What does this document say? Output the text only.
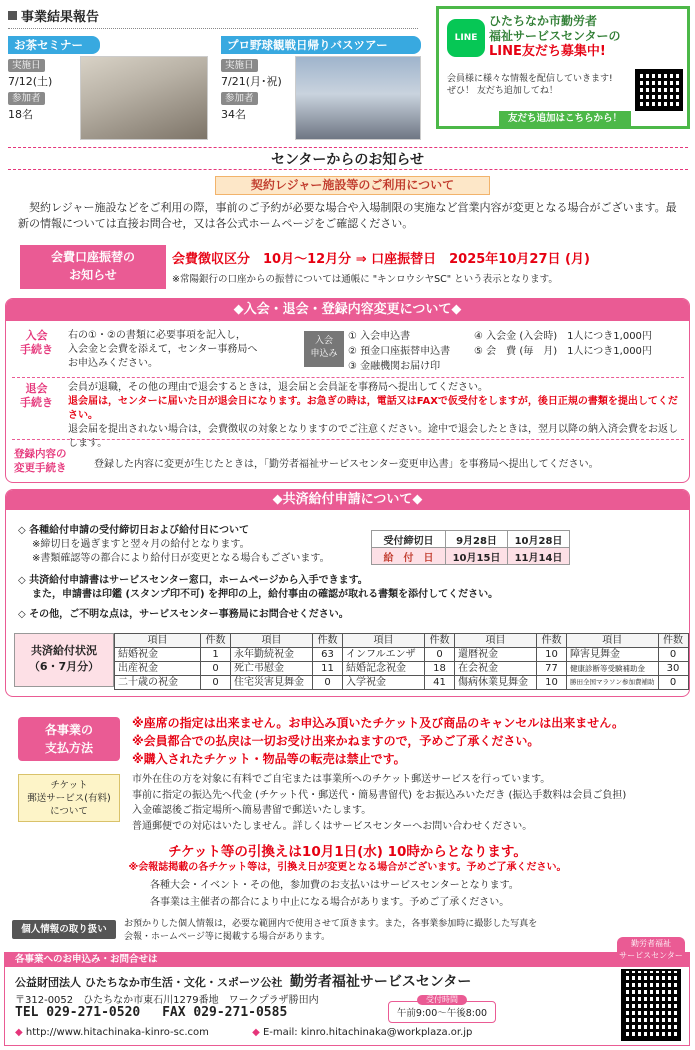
事業結果報告
お茶セミナー
実施日
7/12(土)
参加者
18名
プロ野球観戦日帰りバスツアー
実施日
7/21(月･祝)
参加者
34名
LINE
ひたちなか市勤労者
福祉サービスセンターの
LINE友だち募集中!
会員様に様々な情報を配信していきます!
ぜひ！ 友だち追加してね！
友だち追加はこちらから！
センターからのお知らせ
契約レジャー施設等のご利用について
契約レジャー施設などをご利用の際，事前のご予約が必要な場合や入場制限の実施など営業内容が変更となる場合がございます。最新の情報については直接お問合せ，又は各公式ホームページをご確認ください。
会費口座振替の
お知らせ
会費徴収区分　10月～12月分 ⇒ 口座振替日　2025年10月27日 (月)
※常陽銀行の口座からの振替については通帳に "キンロウシヤSC" という表示となります。
◆入会・退会・登録内容変更について◆
入会
手続き
右の①・②の書類に必要事項を記入し，
入会金と会費を添えて，センター事務局へ
お申込みください。
入会
申込み
① 入会申込書
② 預金口座振替申込書
③ 金融機関お届け印
④ 入会金 (入会時)　1人につき1,000円
⑤ 会　費 (毎　月)　1人につき1,000円
退会
手続き
会員が退職，その他の理由で退会するときは，退会届と会員証を事務局へ提出してください。
退会届は，センターに届いた日が退会日になります。お急ぎの時は，電話又はFAXで仮受付をしますが，後日正規の書類を提出してください。
退会届を提出されない場合は，会費徴収の対象となりますのでご注意ください。途中で退会したときは，翌月以降の納入済会費をお返しします。
登録内容の
変更手続き	登録した内容に変更が生じたときは，「勤労者福祉サービスセンター変更申込書」を事務局へ提出してください。
◆共済給付申請について◆
◇ 各種給付申請の受付締切日および給付日について
※締切日を過ぎますと翌々月の給付となります。
※書類確認等の都合により給付日が変更となる場合もございます。
受付締切日	9月28日	10月28日
給　付　日	10月15日	11月14日
◇ 共済給付申請書はサービスセンター窓口，ホームページから入手できます。
また，申請書は印鑑 (スタンプ印不可) を押印の上，給付事由の確認が取れる書類を添付してください。
◇ その他，ご不明な点は，サービスセンター事務局にお問合せください。
共済給付状況
（6・7月分）
項目	件数	項目	件数	項目	件数	項目	件数	項目	件数
結婚祝金	1	永年勤続祝金	63	インフルエンザ	0	還暦祝金	10	障害見舞金	0
出産祝金	0	死亡弔慰金	11	結婚記念祝金	18	在会祝金	77	健康診断等受験補助金	30
二十歳の祝金	0	住宅災害見舞金	0	入学祝金	41	傷病休業見舞金	10	勝田全国マラソン参加費補助	0
各事業の
支払方法
※座席の指定は出来ません。お申込み頂いたチケット及び商品のキャンセルは出来ません。
※会員都合での払戻は一切お受け出来かねますので，予めご了承ください。
※購入されたチケット・物品等の転売は禁止です。
チケット
郵送サービス(有料)
について
市外在住の方を対象に有料でご自宅または事業所へのチケット郵送サービスを行っています。
事前に指定の振込先へ代金 (チケット代・郵送代・簡易書留代) をお振込みいただき (振込手数料は会員ご負担)
入金確認後ご指定場所へ簡易書留で郵送いたします。
普通郵便での対応はいたしません。詳しくはサービスセンターへお問い合わせください。
チケット等の引換えは10月1日(水) 10時からとなります。
※会報誌掲載の各チケット等は，引換え日が変更となる場合がございます。予めご了承ください。
各種大会・イベント・その他，参加費のお支払いはサービスセンターとなります。
各事業は主催者の都合により中止になる場合があります。予めご了承ください。
個人情報の取り扱い	お預かりした個人情報は，必要な範囲内で使用させて頂きます。また，各事業参加時に撮影した写真を
会報・ホームページ等に掲載する場合があります。
各事業へのお申込み・お問合せは
公益財団法人 ひたちなか市生活・文化・スポーツ公社 勤労者福祉サービスセンター
〒312-0052　ひたちなか市東石川1279番地　ワークプラザ勝田内
TEL 029-271-0520 FAX 029-271-0585
受付時間
午前9:00～午後8:00
◆ http://www.hitachinaka-kinro-sc.com	◆ E-mail: kinro.hitachinaka@workplaza.or.jp
勤労者福祉
サービスセンター
